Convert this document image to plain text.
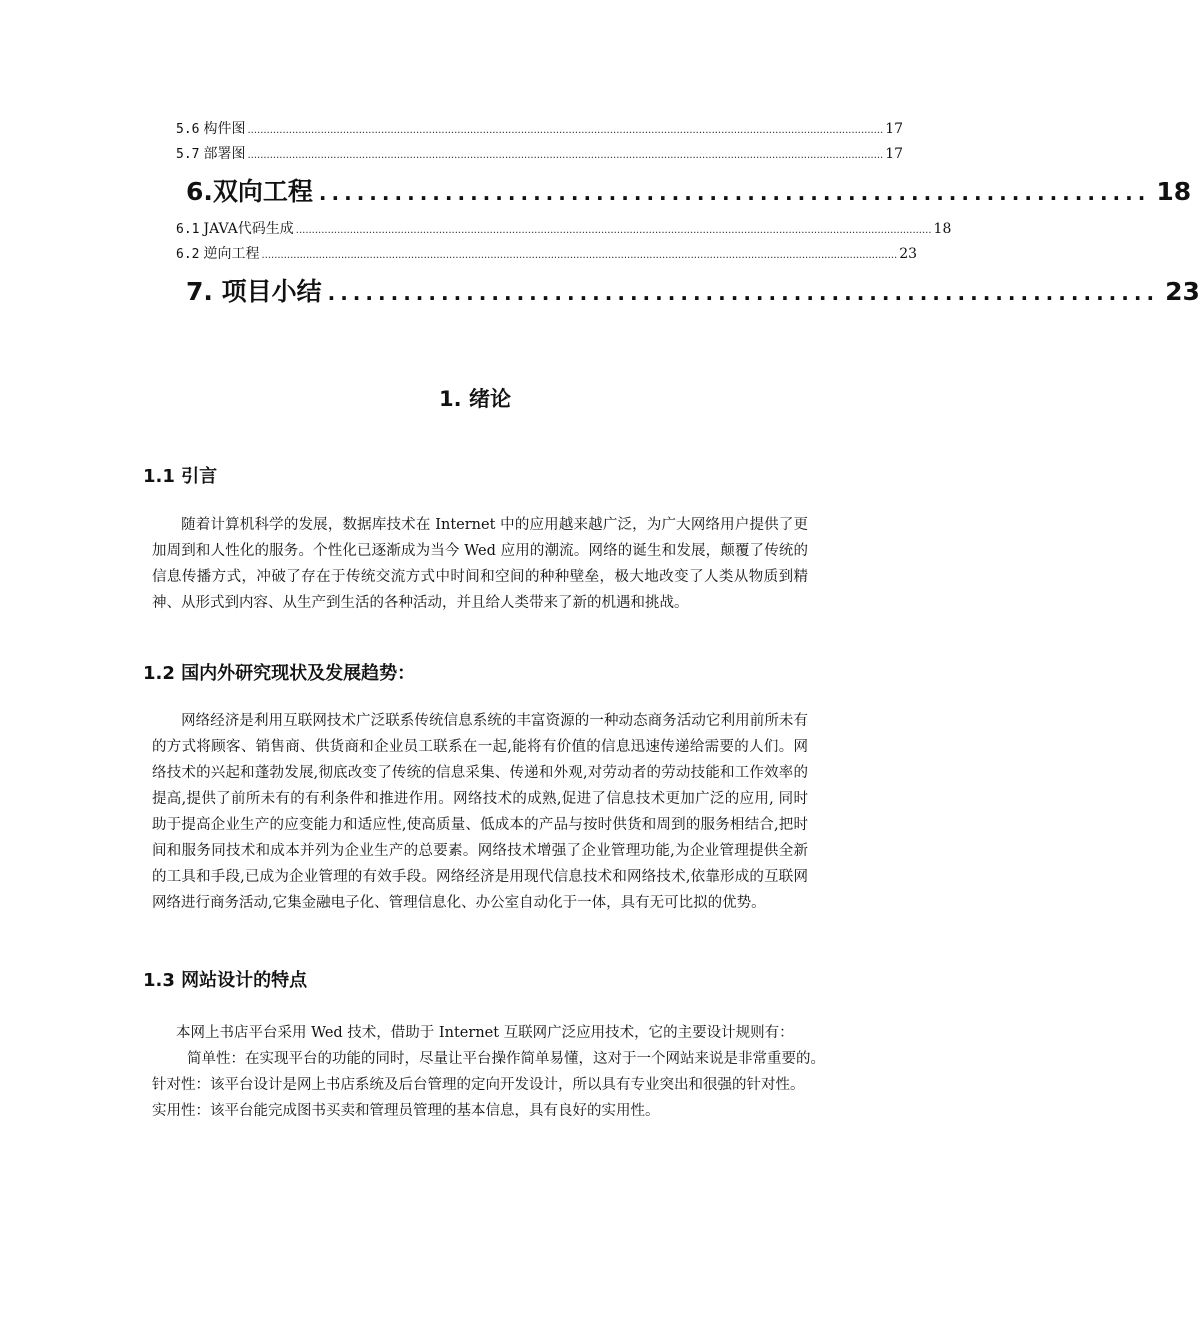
5.6 构件图 ........................................................................................................................................................................................................ 17
5.7 部署图 ........................................................................................................................................................................................................ 17
6.双向工程 .................................................................. 18
6.1 JAVA代码生成 ........................................................................................................................................................................................................ 18
6.2 逆向工程 ........................................................................................................................................................................................................ 23
7. 项目小结 .................................................................. 23
1. 绪论
1.1 引言

随着计算机科学的发展，数据库技术在 Internet 中的应用越来越广泛，为广大网络用户提供了更加周到和人性化的服务。个性化已逐渐成为当今 Wed 应用的潮流。网络的诞生和发展，颠覆了传统的信息传播方式，冲破了存在于传统交流方式中时间和空间的种种壁垒，极大地改变了人类从物质到精神、从形式到内容、从生产到生活的各种活动，并且给人类带来了新的机遇和挑战。

1.2 国内外研究现状及发展趋势：

网络经济是利用互联网技术广泛联系传统信息系统的丰富资源的一种动态商务活动它利用前所未有的方式将顾客、销售商、供货商和企业员工联系在一起,能将有价值的信息迅速传递给需要的人们。网络技术的兴起和蓬勃发展,彻底改变了传统的信息采集、传递和外观,对劳动者的劳动技能和工作效率的提高,提供了前所未有的有利条件和推进作用。网络技术的成熟,促进了信息技术更加广泛的应用, 同时助于提高企业生产的应变能力和适应性,使高质量、低成本的产品与按时供货和周到的服务相结合,把时间和服务同技术和成本并列为企业生产的总要素。网络技术增强了企业管理功能,为企业管理提供全新的工具和手段,已成为企业管理的有效手段。网络经济是用现代信息技术和网络技术,依靠形成的互联网网络进行商务活动,它集金融电子化、管理信息化、办公室自动化于一体，具有无可比拟的优势。

1.3 网站设计的特点
本网上书店平台采用 Wed 技术，借助于 Internet 互联网广泛应用技术，它的主要设计规则有：
简单性：在实现平台的功能的同时，尽量让平台操作简单易懂，这对于一个网站来说是非常重要的。
针对性：该平台设计是网上书店系统及后台管理的定向开发设计，所以具有专业突出和很强的针对性。
实用性：该平台能完成图书买卖和管理员管理的基本信息，具有良好的实用性。
